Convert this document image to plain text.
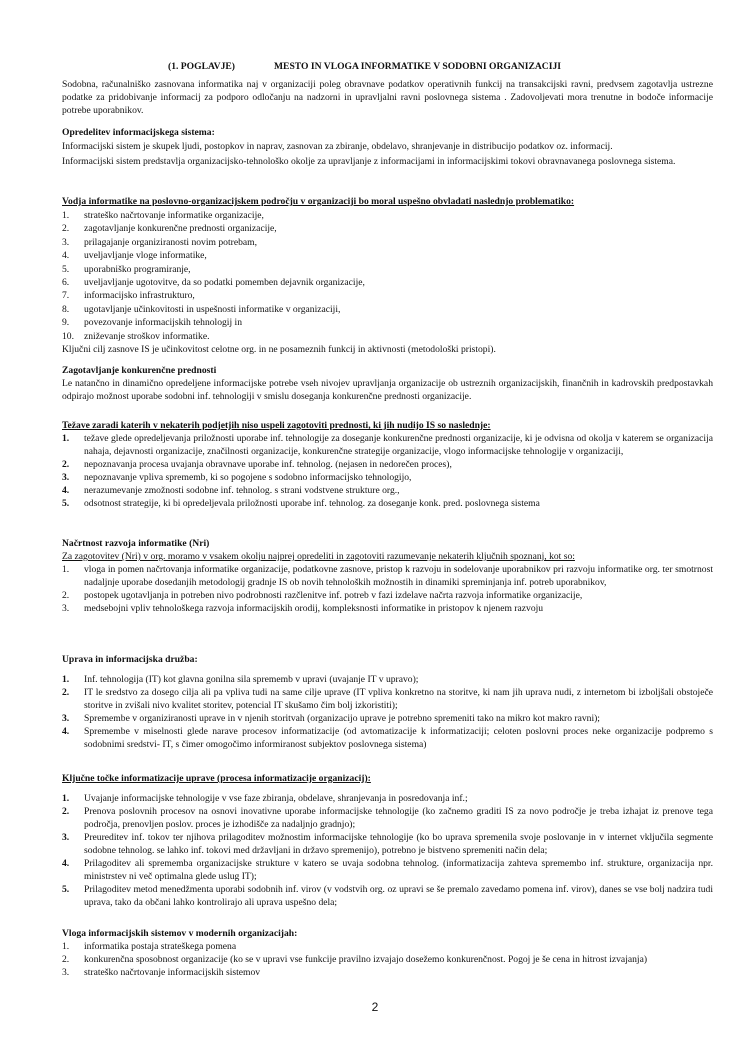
(1. POGLAVJE)	MESTO IN VLOGA INFORMATIKE V SODOBNI ORGANIZACIJI
Sodobna, računalniško zasnovana informatika naj v organizaciji poleg obravnave podatkov operativnih funkcij na transakcijski ravni, predvsem zagotavlja ustrezne podatke za pridobivanje informacij za podporo odločanju na nadzorni in upravljalni ravni poslovnega sistema . Zadovoljevati mora trenutne in bodoče informacije potrebe uporabnikov.
Opredelitev informacijskega sistema:
Informacijski sistem je skupek ljudi, postopkov in naprav, zasnovan za zbiranje, obdelavo, shranjevanje in distribucijo podatkov oz. informacij.
Informacijski sistem predstavlja organizacijsko-tehnološko okolje za upravljanje z informacijami in informacijskimi tokovi obravnavanega poslovnega sistema.
Vodja informatike na poslovno-organizacijskem področju v organizaciji bo moral uspešno obvladati naslednjo problematiko:
1. strateško načrtovanje informatike organizacije,
2. zagotavljanje konkurenčne prednosti organizacije,
3. prilagajanje organiziranosti novim potrebam,
4. uveljavljanje vloge informatike,
5. uporabniško programiranje,
6. uveljavljanje ugotovitve, da so podatki pomemben dejavnik organizacije,
7. informacijsko infrastrukturo,
8. ugotavljanje učinkovitosti in uspešnosti informatike v organizaciji,
9. povezovanje informacijskih tehnologij in
10. zniževanje stroškov informatike.
Ključni cilj zasnove IS je učinkovitost celotne org. in ne posameznih funkcij in aktivnosti (metodološki pristopi).
Zagotavljanje konkurenčne prednosti
Le natančno in dinamično opredeljene informacijske potrebe vseh nivojev upravljanja organizacije ob ustreznih organizacijskih, finančnih in kadrovskih predpostavkah odpirajo možnost uporabe sodobni inf. tehnologiji v smislu doseganja konkurenčne prednosti organizacije.
Težave zaradi katerih v nekaterih podjetjih niso uspeli zagotoviti prednosti, ki jih nudijo IS so naslednje:
1. težave glede opredeljevanja priložnosti uporabe inf. tehnologije za doseganje konkurenčne prednosti organizacije, ki je odvisna od okolja v katerem se organizacija nahaja, dejavnosti organizacije, značilnosti organizacije, konkurenčne strategije organizacije, vlogo informacijske tehnologije v organizaciji,
2. nepoznavanja procesa uvajanja obravnave uporabe inf. tehnolog. (nejasen in nedorečen proces),
3. nepoznavanje vpliva sprememb, ki so pogojene s sodobno informacijsko tehnologijo,
4. nerazumevanje zmožnosti sodobne inf. tehnolog. s strani vodstvene strukture org.,
5. odsotnost strategije, ki bi opredeljevala priložnosti uporabe inf. tehnolog. za doseganje konk. pred. poslovnega sistema
Načrtnost razvoja informatike (Nri)
Za zagotovitev (Nri) v org. moramo v vsakem okolju najprej opredeliti in zagotoviti razumevanje nekaterih ključnih spoznanj, kot so:
1. vloga in pomen načrtovanja informatike organizacije, podatkovne zasnove, pristop k razvoju in sodelovanje uporabnikov pri razvoju informatike org. ter smotrnost nadaljnje uporabe dosedanjih metodologij gradnje IS ob novih tehnoloških možnostih in dinamiki spreminjanja inf. potreb uporabnikov,
2. postopek ugotavljanja in potreben nivo podrobnosti razčlenitve inf. potreb v fazi izdelave načrta razvoja informatike organizacije,
3. medsebojni vpliv tehnološkega razvoja informacijskih orodij, kompleksnosti informatike in pristopov k njenem razvoju
Uprava in informacijska družba:
1. Inf. tehnologija (IT) kot glavna gonilna sila sprememb v upravi (uvajanje IT v upravo);
2. IT le sredstvo za dosego cilja ali pa vpliva tudi na same cilje uprave (IT vpliva konkretno na storitve, ki nam jih uprava nudi, z internetom bi izboljšali obstoječe storitve in zvišali nivo kvalitet storitev, potencial IT skušamo čim bolj izkoristiti);
3. Spremembe v organiziranosti uprave in v njenih storitvah (organizacijo uprave je potrebno spremeniti tako na mikro kot makro ravni);
4. Spremembe v miselnosti glede narave procesov informatizacije (od avtomatizacije k informatizaciji; celoten poslovni proces neke organizacije podpremo s sodobnimi sredstvi- IT, s čimer omogočimo informiranost subjektov poslovnega sistema)
Ključne točke informatizacije uprave (procesa informatizacije organizacij):
1. Uvajanje informacijske tehnologije v vse faze zbiranja, obdelave, shranjevanja in posredovanja inf.;
2. Prenova poslovnih procesov na osnovi inovativne uporabe informacijske tehnologije (ko začnemo graditi IS za novo področje je treba izhajat iz prenove tega področja, prenovljen poslov. proces je izhodišče za nadaljnjo gradnjo);
3. Preureditev inf. tokov ter njihova prilagoditev možnostim informacijske tehnologije (ko bo uprava spremenila svoje poslovanje in v internet vključila segmente sodobne tehnolog. se lahko inf. tokovi med državljani in državo spremenijo), potrebno je bistveno spremeniti način dela;
4. Prilagoditev ali sprememba organizacijske strukture v katero se uvaja sodobna tehnolog. (informatizacija zahteva spremembo inf. strukture, organizacija npr. ministrstev ni več optimalna glede uslug IT);
5. Prilagoditev metod menedžmenta uporabi sodobnih inf. virov (v vodstvih org. oz upravi se še premalo zavedamo pomena inf. virov), danes se vse bolj nadzira tudi uprava, tako da občani lahko kontrolirajo ali uprava uspešno dela;
Vloga informacijskih sistemov v modernih organizacijah:
1. informatika postaja strateškega pomena
2. konkurenčna sposobnost organizacije (ko se v upravi vse funkcije pravilno izvajajo dosežemo konkurenčnost. Pogoj je še cena in hitrost izvajanja)
3. strateško načrtovanje informacijskih sistemov
2
